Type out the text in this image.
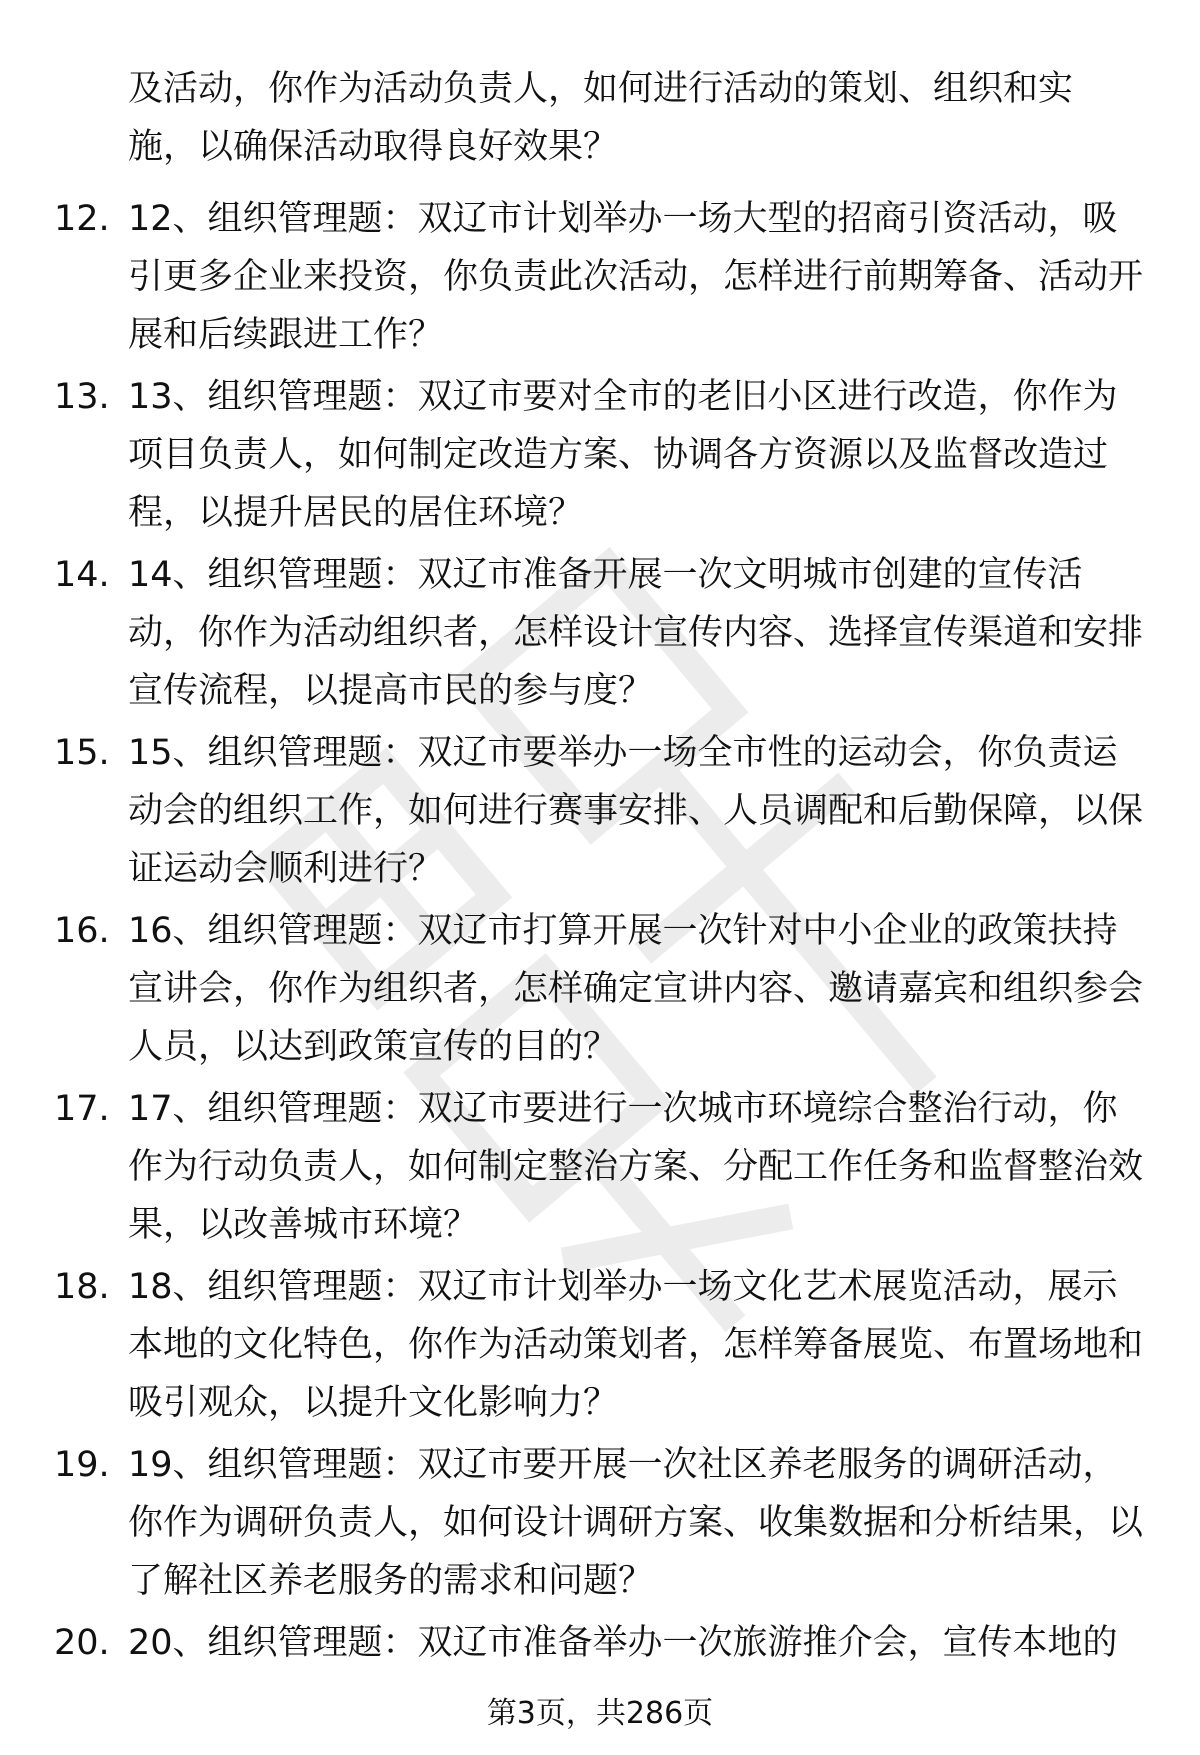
及活动，你作为活动负责人，如何进行活动的策划、组织和实施，以确保活动取得良好效果？

12. 12、组织管理题：双辽市计划举办一场大型的招商引资活动，吸引更多企业来投资，你负责此次活动，怎样进行前期筹备、活动开展和后续跟进工作？

13. 13、组织管理题：双辽市要对全市的老旧小区进行改造，你作为项目负责人，如何制定改造方案、协调各方资源以及监督改造过程，以提升居民的居住环境？

14. 14、组织管理题：双辽市准备开展一次文明城市创建的宣传活动，你作为活动组织者，怎样设计宣传内容、选择宣传渠道和安排宣传流程，以提高市民的参与度？

15. 15、组织管理题：双辽市要举办一场全市性的运动会，你负责运动会的组织工作，如何进行赛事安排、人员调配和后勤保障，以保证运动会顺利进行？

16. 16、组织管理题：双辽市打算开展一次针对中小企业的政策扶持宣讲会，你作为组织者，怎样确定宣讲内容、邀请嘉宾和组织参会人员，以达到政策宣传的目的？

17. 17、组织管理题：双辽市要进行一次城市环境综合整治行动，你作为行动负责人，如何制定整治方案、分配工作任务和监督整治效果，以改善城市环境？

18. 18、组织管理题：双辽市计划举办一场文化艺术展览活动，展示本地的文化特色，你作为活动策划者，怎样筹备展览、布置场地和吸引观众，以提升文化影响力？

19. 19、组织管理题：双辽市要开展一次社区养老服务的调研活动，你作为调研负责人，如何设计调研方案、收集数据和分析结果，以了解社区养老服务的需求和问题？

20. 20、组织管理题：双辽市准备举办一次旅游推介会，宣传本地的

第3页，共286页
